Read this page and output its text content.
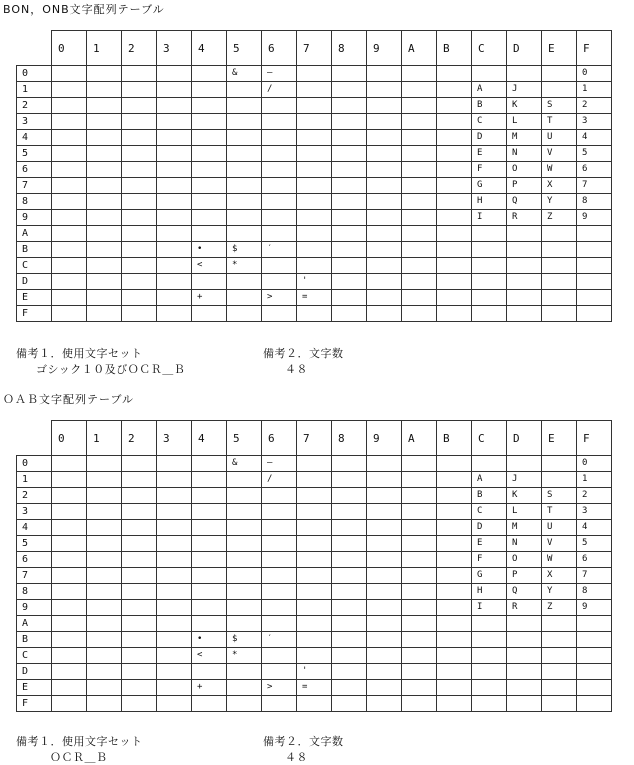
BON，ONB文字配列テーブル
	0	1	2	3	4	5	6	7	8	9	A	B	C	D	E	F
0						&	–									0
1							/						A	J		1
2													B	K	S	2
3													C	L	T	3
4													D	M	U	4
5													E	N	V	5
6													F	O	W	6
7													G	P	X	7
8													H	Q	Y	8
9													I	R	Z	9
A																
B					•	$	′									
C					<	*										
D								'								
E					+		>	=								
F																
備考１．使用文字セット
ゴシック１０及びＯＣＲ＿Ｂ
備考２．文字数
４８
ＯＡＢ文字配列テーブル
	0	1	2	3	4	5	6	7	8	9	A	B	C	D	E	F
0						&	–									0
1							/						A	J		1
2													B	K	S	2
3													C	L	T	3
4													D	M	U	4
5													E	N	V	5
6													F	O	W	6
7													G	P	X	7
8													H	Q	Y	8
9													I	R	Z	9
A																
B					•	$	′									
C					<	*										
D								'								
E					+		>	=								
F																
備考１．使用文字セット
ＯＣＲ＿Ｂ
備考２．文字数
４８
